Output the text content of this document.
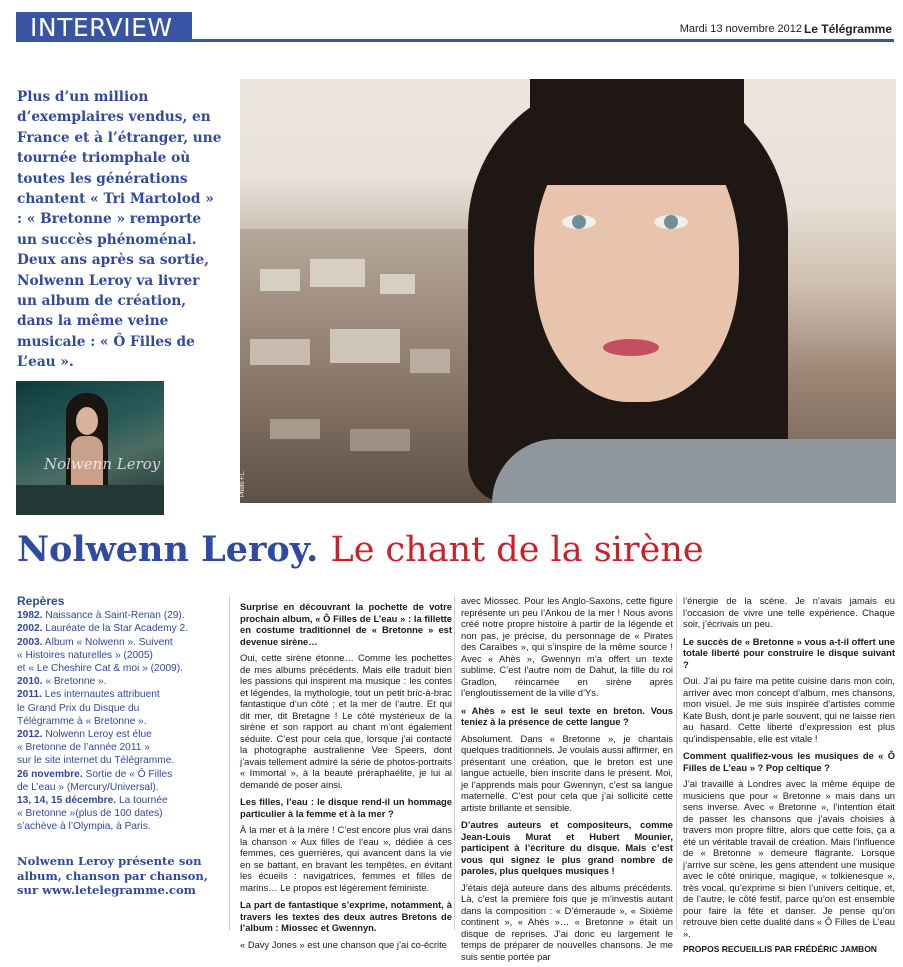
INTERVIEW	Mardi 13 novembre 2012 Le Télégramme

Plus d’un million d’exemplaires vendus, en France et à l’étranger, une tournée triomphale où toutes les générations chantent « Tri Martolod » : « Bretonne » remporte un succès phénoménal. Deux ans après sa sortie, Nolwenn Leroy va livrer un album de création, dans la même veine musicale : « Ô Filles de L’eau ».

Nolwenn Leroy
Photo F.L.
Nolwenn Leroy. Le chant de la sirène
Repères
1982. Naissance à Saint-Renan (29).
2002. Lauréate de la Star Academy 2.
2003. Album « Nolwenn ». Suivent
« Histoires naturelles » (2005)
et « Le Cheshire Cat & moi » (2009).
2010. « Bretonne ».
2011. Les internautes attribuent
le Grand Prix du Disque du
Télégramme à « Bretonne ».
2012. Nolwenn Leroy est élue
« Bretonne de l’année 2011 »
sur le site internet du Télégramme.
26 novembre. Sortie de « Ô Filles
de L’eau » (Mercury/Universal).
13, 14, 15 décembre. La tournée
« Bretonne »(plus de 100 dates)
s’achève à l’Olympia, à Paris.
Nolwenn Leroy présente son album, chanson par chanson, sur www.letelegramme.com

Surprise en découvrant la pochette de votre prochain album, « Ô Filles de L’eau » : la fillette en costume traditionnel de « Bretonne » est devenue sirène…

Oui, cette sirène étonne… Comme les pochettes de mes albums précédents. Mais elle traduit bien les passions qui inspirent ma musique : les contes et légendes, la mythologie, tout un petit bric-à-brac fantastique d’un côté ; et la mer de l’autre. Et qui dit mer, dit Bretagne ! Le côté mystérieux de la sirène et son rapport au chant m’ont également séduite. C’est pour cela que, lorsque j’ai contacté la photographe australienne Vee Speers, dont j’avais tellement admiré la série de photos-portraits « Immortal », à la beauté préraphaélite, je lui ai demandé de poser ainsi.

Les filles, l’eau : le disque rend-il un hommage particulier à la femme et à la mer ?

À la mer et à la mère ! C’est encore plus vrai dans la chanson « Aux filles de l’eau », dédiée à ces femmes, ces guerrières, qui avancent dans la vie en se battant, en bravant les tempêtes, en évitant les écueils : navigatrices, femmes et filles de marins… Le propos est légèrement féministe.

La part de fantastique s’exprime, notamment, à travers les textes des deux autres Bretons de l’album : Miossec et Gwennyn.

« Davy Jones » est une chanson que j’ai co-écrite

avec Miossec. Pour les Anglo-Saxons, cette figure représente un peu l’Ankou de la mer ! Nous avons créé notre propre histoire à partir de la légende et non pas, je précise, du personnage de « Pirates des Caraïbes », qui s’inspire de la même source ! Avec « Ahès », Gwennyn m’a offert un texte sublime. C’est l’autre nom de Dahut, la fille du roi Gradlon, réincarnée en sirène après l’engloutissement de la ville d’Ys.

« Ahès » est le seul texte en breton. Vous teniez à la présence de cette langue ?

Absolument. Dans « Bretonne », je chantais quelques traditionnels. Je voulais aussi affirmer, en présentant une création, que le breton est une langue actuelle, bien inscrite dans le présent. Moi, je l’apprends mais pour Gwennyn, c’est sa langue maternelle. C’est pour cela que j’ai sollicité cette artiste brillante et sensible.

D’autres auteurs et compositeurs, comme Jean-Louis Murat et Hubert Mounier, participent à l’écriture du disque. Mais c’est vous qui signez le plus grand nombre de paroles, plus quelques musiques !

J’étais déjà auteure dans des albums précédents. Là, c’est la première fois que je m’investis autant dans la composition : « D’émeraude », « Sixième continent », « Ahès »… « Bretonne » était un disque de reprises. J’ai donc eu largement le temps de préparer de nouvelles chansons. Je me suis sentie portée par

l’énergie de la scène. Je n’avais jamais eu l’occasion de vivre une telle expérience. Chaque soir, j’écrivais un peu.

Le succès de « Bretonne » vous a-t-il offert une totale liberté pour construire le disque suivant ?

Oui. J’ai pu faire ma petite cuisine dans mon coin, arriver avec mon concept d’album, mes chansons, mon visuel. Je me suis inspirée d’artistes comme Kate Bush, dont je parle souvent, qui ne laisse rien au hasard. Cette liberté d’expression est plus qu’indispensable, elle est vitale !

Comment qualifiez-vous les musiques de « Ô Filles de L’eau » ? Pop celtique ?

J’ai travaillé à Londres avec la même équipe de musiciens que pour « Bretonne » mais dans un sens inverse. Avec « Bretonne », l’intention était de passer les chansons que j’avais choisies à travers mon propre filtre, alors que cette fois, ça a été un véritable travail de création. Mais l’influence de « Bretonne » demeure flagrante. Lorsque j’arrive sur scène, les gens attendent une musique avec le côté onirique, magique, « tolkienesque », très vocal, qu’exprime si bien l’univers celtique, et, de l’autre, le côté festif, parce qu’on est ensemble pour faire la fête et danser. Je pense qu’on retrouve bien cette dualité dans « Ô Filles de L’eau ».

PROPOS RECUEILLIS PAR FRÉDÉRIC JAMBON
